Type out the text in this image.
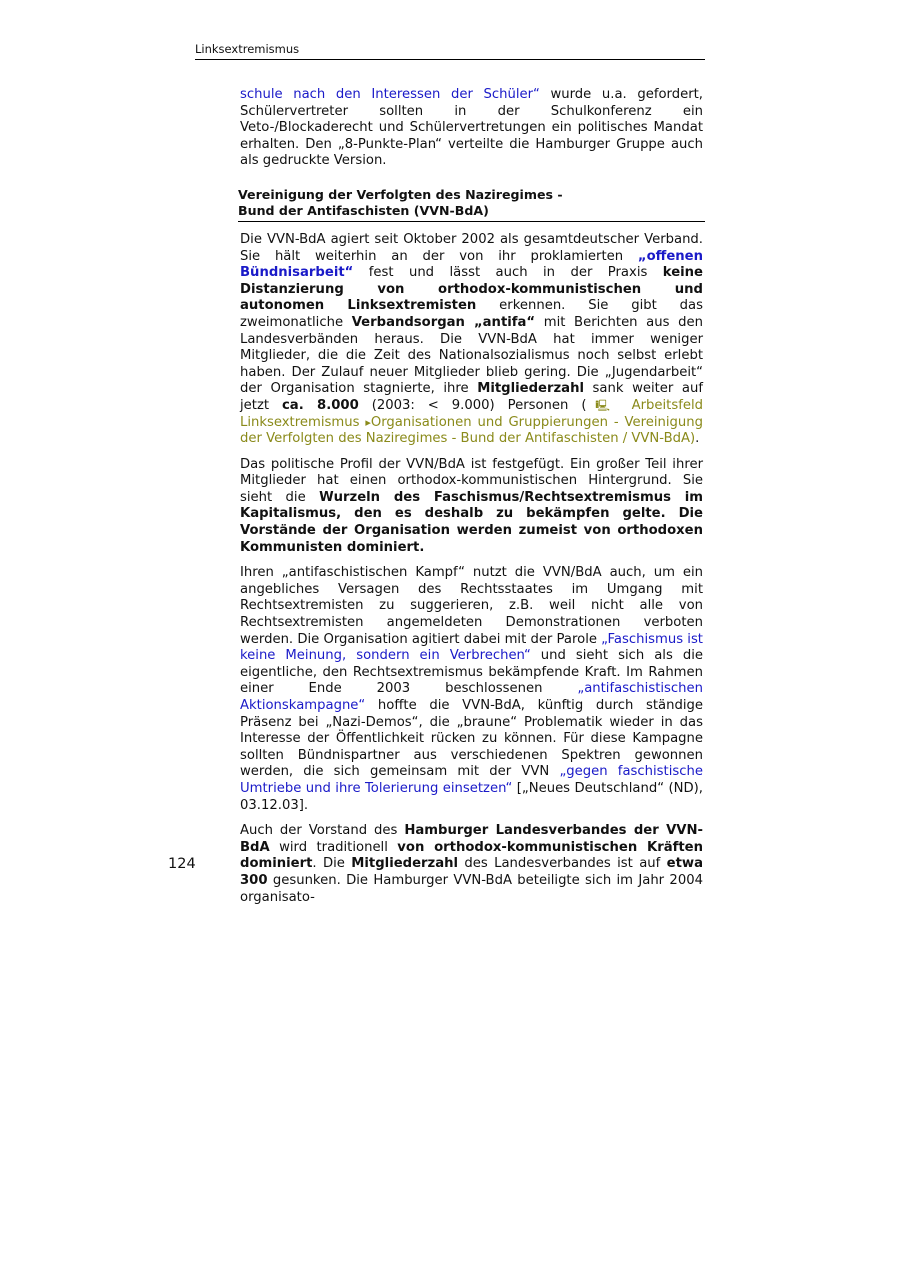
Linksextremismus

schule nach den Interessen der Schüler“ wurde u.a. gefordert, Schülervertreter sollten in der Schulkonferenz ein Veto-/Blockaderecht und Schülervertretungen ein politisches Mandat erhalten. Den „8-Punkte-Plan“ verteilte die Hamburger Gruppe auch als gedruckte Version.

Vereinigung der Verfolgten des Naziregimes -
Bund der Antifaschisten (VVN-BdA)

Die VVN-BdA agiert seit Oktober 2002 als gesamtdeutscher Verband. Sie hält weiterhin an der von ihr proklamierten „offenen Bündnisarbeit“ fest und lässt auch in der Praxis keine Distanzierung von orthodox-kommunistischen und autonomen Linksextremisten erkennen. Sie gibt das zweimonatliche Verbandsorgan „antifa“ mit Berichten aus den Landesverbänden heraus. Die VVN-BdA hat immer weniger Mitglieder, die die Zeit des Nationalsozialismus noch selbst erlebt haben. Der Zulauf neuer Mitglieder blieb gering. Die „Jugendarbeit“ der Organisation stagnierte, ihre Mitgliederzahl sank weiter auf jetzt ca. 8.000 (2003: < 9.000) Personen (🖳 Arbeitsfeld Linksextremismus ▸Organisationen und Gruppierungen - Vereinigung der Verfolgten des Naziregimes - Bund der Antifaschisten / VVN-BdA).

Das politische Profil der VVN/BdA ist festgefügt. Ein großer Teil ihrer Mitglieder hat einen orthodox-kommunistischen Hintergrund. Sie sieht die Wurzeln des Faschismus/Rechtsextremismus im Kapitalismus, den es deshalb zu bekämpfen gelte. Die Vorstände der Organisation werden zumeist von orthodoxen Kommunisten dominiert.

Ihren „antifaschistischen Kampf“ nutzt die VVN/BdA auch, um ein angebliches Versagen des Rechtsstaates im Umgang mit Rechtsextremisten zu suggerieren, z.B. weil nicht alle von Rechtsextremisten angemeldeten Demonstrationen verboten werden. Die Organisation agitiert dabei mit der Parole „Faschismus ist keine Meinung, sondern ein Verbrechen“ und sieht sich als die eigentliche, den Rechtsextremismus bekämpfende Kraft. Im Rahmen einer Ende 2003 beschlossenen „antifaschistischen Aktionskampagne“ hoffte die VVN-BdA, künftig durch ständige Präsenz bei „Nazi-Demos“, die „braune“ Problematik wieder in das Interesse der Öffentlichkeit rücken zu können. Für diese Kampagne sollten Bündnispartner aus verschiedenen Spektren gewonnen werden, die sich gemeinsam mit der VVN „gegen faschistische Umtriebe und ihre Tolerierung einsetzen“ [„Neues Deutschland“ (ND), 03.12.03].

Auch der Vorstand des Hamburger Landesverbandes der VVN-BdA wird traditionell von orthodox-kommunistischen Kräften dominiert. Die Mitgliederzahl des Landesverbandes ist auf etwa 300 gesunken. Die Hamburger VVN-BdA beteiligte sich im Jahr 2004 organisato-

124
